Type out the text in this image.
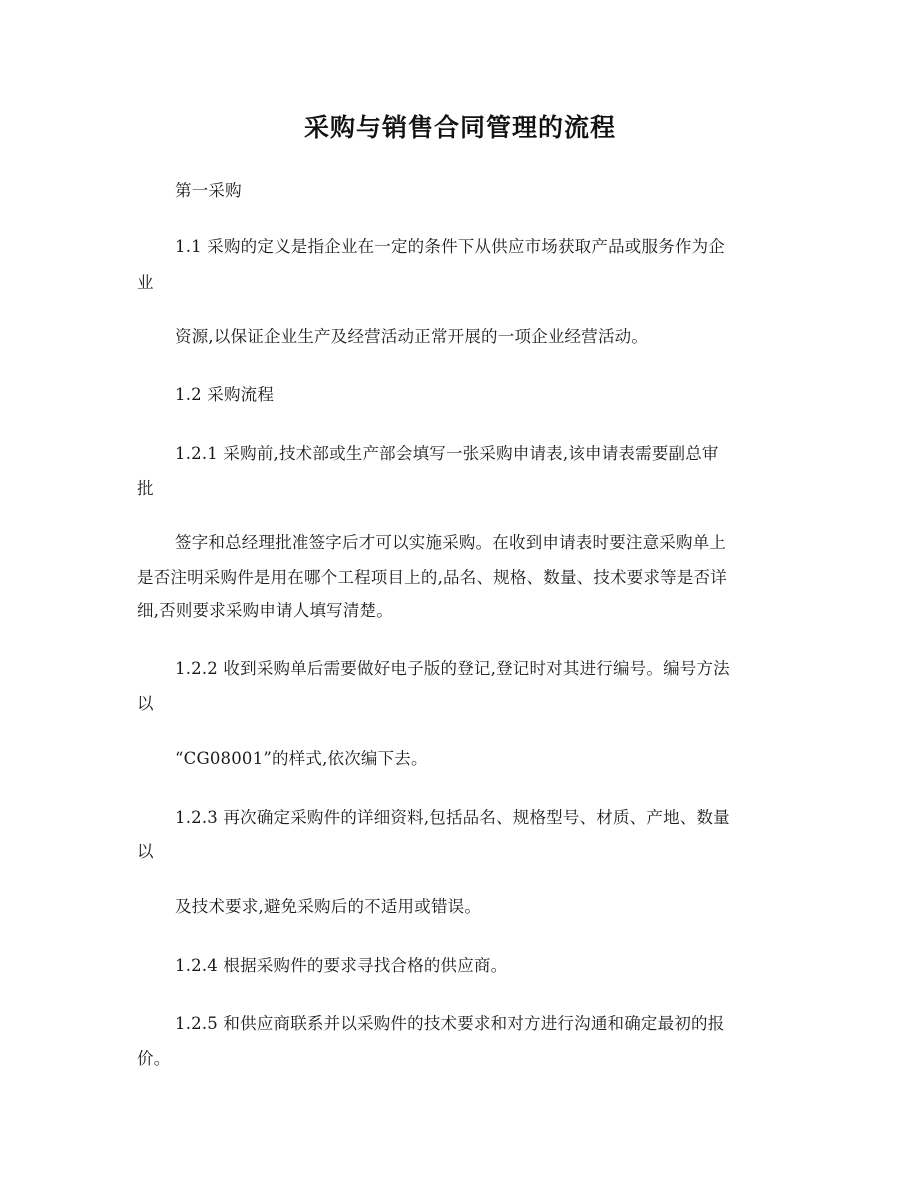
采购与销售合同管理的流程
第一采购
1.1 采购的定义是指企业在一定的条件下从供应市场获取产品或服务作为企
业
资源,以保证企业生产及经营活动正常开展的一项企业经营活动。
1.2 采购流程
1.2.1 采购前,技术部或生产部会填写一张采购申请表,该申请表需要副总审
批
签字和总经理批准签字后才可以实施采购。在收到申请表时要注意采购单上
是否注明采购件是用在哪个工程项目上的,品名、规格、数量、技术要求等是否详
细,否则要求采购申请人填写清楚。
1.2.2 收到采购单后需要做好电子版的登记,登记时对其进行编号。编号方法
以
“CG08001”的样式,依次编下去。
1.2.3 再次确定采购件的详细资料,包括品名、规格型号、材质、产地、数量
以
及技术要求,避免采购后的不适用或错误。
1.2.4 根据采购件的要求寻找合格的供应商。
1.2.5 和供应商联系并以采购件的技术要求和对方进行沟通和确定最初的报
价。
